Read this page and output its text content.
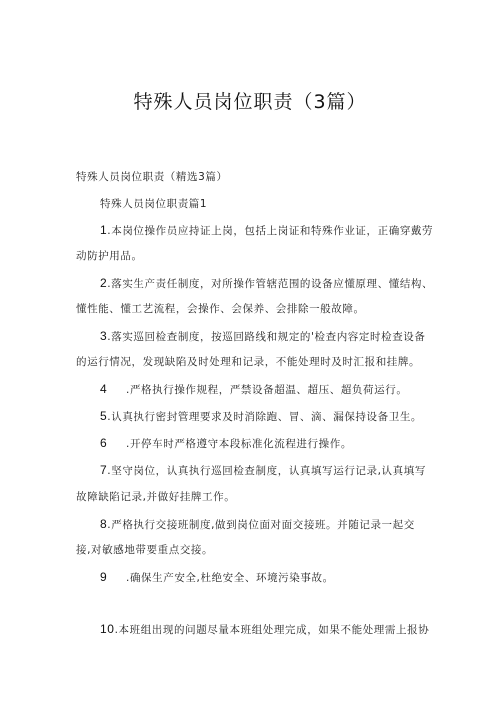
特殊人员岗位职责（3篇）
特殊人员岗位职责（精选3篇）
特殊人员岗位职责篇1
1.本岗位操作员应持证上岗，包括上岗证和特殊作业证，正确穿戴劳
动防护用品。
2.落实生产责任制度，对所操作管辖范围的设备应懂原理、懂结构、
懂性能、懂工艺流程，会操作、会保养、会排除一般故障。
3.落实巡回检查制度，按巡回路线和规定的'检查内容定时检查设备
的运行情况，发现缺陷及时处理和记录，不能处理时及时汇报和挂牌。
4 .严格执行操作规程，严禁设备超温、超压、超负荷运行。
5.认真执行密封管理要求及时消除跑、冒、滴、漏保持设备卫生。
6 .开停车时严格遵守本段标准化流程进行操作。
7.坚守岗位，认真执行巡回检查制度，认真填写运行记录,认真填写
故障缺陷记录,并做好挂牌工作。
8.严格执行交接班制度,做到岗位面对面交接班。并随记录一起交
接,对敏感地带要重点交接。
9 .确保生产安全,杜绝安全、环境污染事故。
10.本班组出现的问题尽量本班组处理完成，如果不能处理需上报协
